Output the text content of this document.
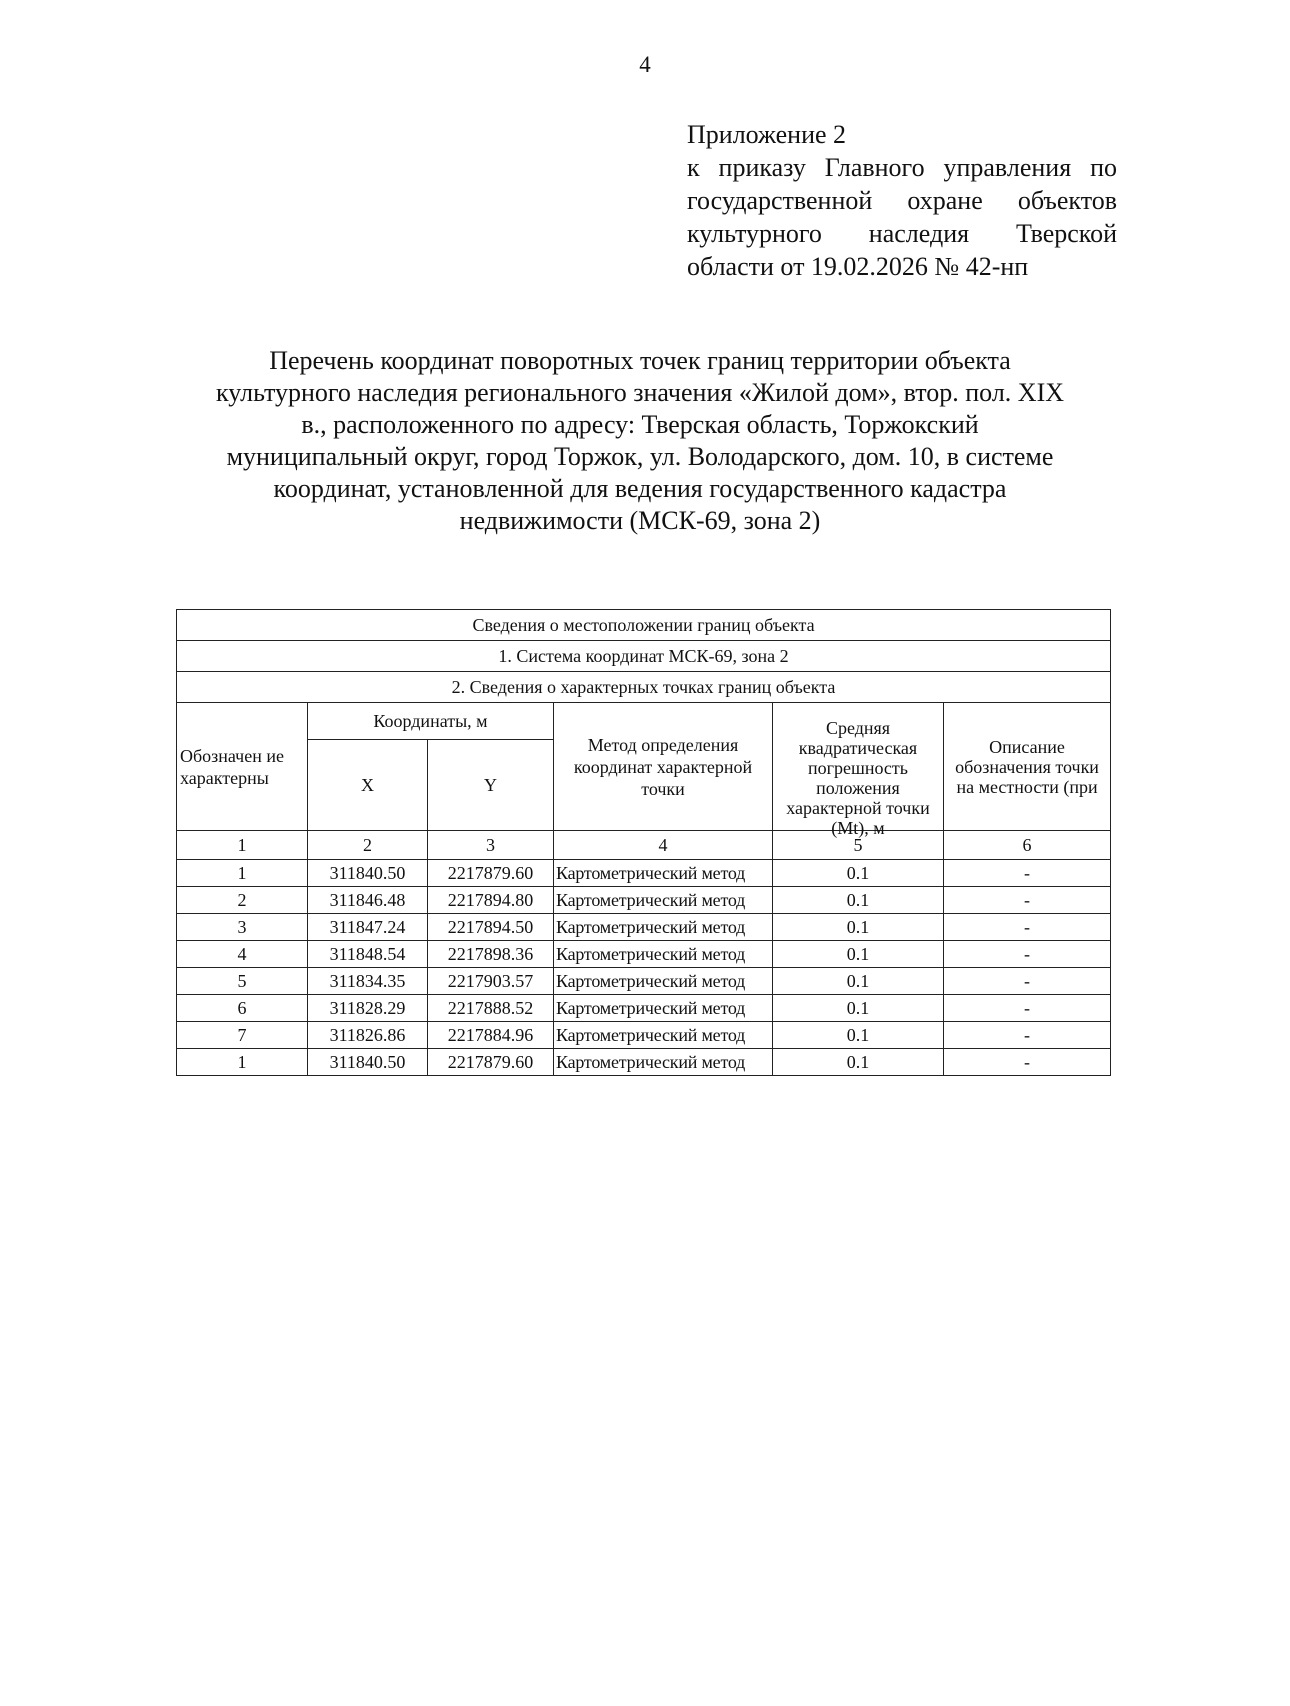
4
Приложение 2
к приказу Главного управления по
государственной охране объектов
культурного наследия Тверской
области от 19.02.2026 № 42-нп
Перечень координат поворотных точек границ территории объекта
культурного наследия регионального значения «Жилой дом», втор. пол. XIX
в., расположенного по адресу: Тверская область, Торжокский
муниципальный округ, город Торжок, ул. Володарского, дом. 10, в системе
координат, установленной для ведения государственного кадастра
недвижимости (МСК-69, зона 2)
Сведения о местоположении границ объекта					
1. Система координат МСК-69, зона 2					
2. Сведения о характерных точках границ объекта					
Обозначен ие характерны	Координаты, м		Метод определения координат характерной точки	Средняя квадратическая погрешность положения характерной точки (Mt), м	Описание обозначения точки на местности (при

	X	Y			
1	2	3	4	5	6
1	311840.50	2217879.60	Картометрический метод	0.1	-
2	311846.48	2217894.80	Картометрический метод	0.1	-
3	311847.24	2217894.50	Картометрический метод	0.1	-
4	311848.54	2217898.36	Картометрический метод	0.1	-
5	311834.35	2217903.57	Картометрический метод	0.1	-
6	311828.29	2217888.52	Картометрический метод	0.1	-
7	311826.86	2217884.96	Картометрический метод	0.1	-
1	311840.50	2217879.60	Картометрический метод	0.1	-
